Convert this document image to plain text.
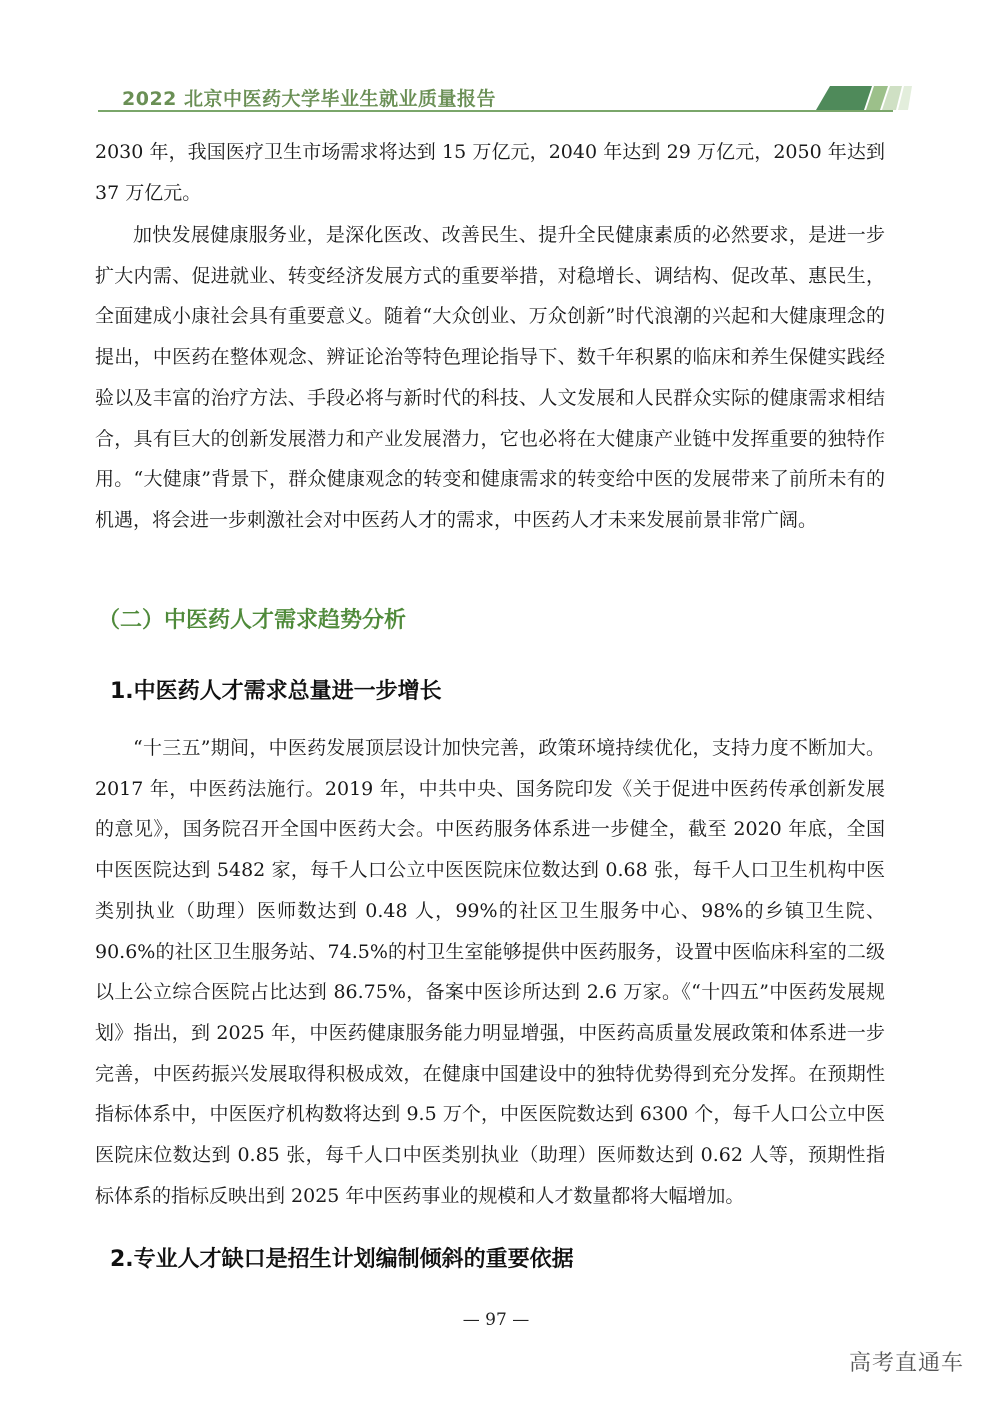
2022 北京中医药大学毕业生就业质量报告

2030 年，我国医疗卫生市场需求将达到 15 万亿元，2040 年达到 29 万亿元，2050 年达到 37 万亿元。

加快发展健康服务业，是深化医改、改善民生、提升全民健康素质的必然要求，是进一步扩大内需、促进就业、转变经济发展方式的重要举措，对稳增长、调结构、促改革、惠民生，全面建成小康社会具有重要意义。随着“大众创业、万众创新”时代浪潮的兴起和大健康理念的提出，中医药在整体观念、辨证论治等特色理论指导下、数千年积累的临床和养生保健实践经验以及丰富的治疗方法、手段必将与新时代的科技、人文发展和人民群众实际的健康需求相结合，具有巨大的创新发展潜力和产业发展潜力，它也必将在大健康产业链中发挥重要的独特作用。“大健康”背景下，群众健康观念的转变和健康需求的转变给中医的发展带来了前所未有的机遇，将会进一步刺激社会对中医药人才的需求，中医药人才未来发展前景非常广阔。

（二）中医药人才需求趋势分析
1.中医药人才需求总量进一步增长

“十三五”期间，中医药发展顶层设计加快完善，政策环境持续优化，支持力度不断加大。2017 年，中医药法施行。2019 年，中共中央、国务院印发《关于促进中医药传承创新发展的意见》，国务院召开全国中医药大会。中医药服务体系进一步健全，截至 2020 年底，全国中医医院达到 5482 家，每千人口公立中医医院床位数达到 0.68 张，每千人口卫生机构中医类别执业（助理）医师数达到 0.48 人，99%的社区卫生服务中心、98%的乡镇卫生院、90.6%的社区卫生服务站、74.5%的村卫生室能够提供中医药服务，设置中医临床科室的二级以上公立综合医院占比达到 86.75%，备案中医诊所达到 2.6 万家。《“十四五”中医药发展规划》指出，到 2025 年，中医药健康服务能力明显增强，中医药高质量发展政策和体系进一步完善，中医药振兴发展取得积极成效，在健康中国建设中的独特优势得到充分发挥。在预期性指标体系中，中医医疗机构数将达到 9.5 万个，中医医院数达到 6300 个，每千人口公立中医医院床位数达到 0.85 张，每千人口中医类别执业（助理）医师数达到 0.62 人等，预期性指标体系的指标反映出到 2025 年中医药事业的规模和人才数量都将大幅增加。

2.专业人才缺口是招生计划编制倾斜的重要依据
— 97 —
高考直通车
